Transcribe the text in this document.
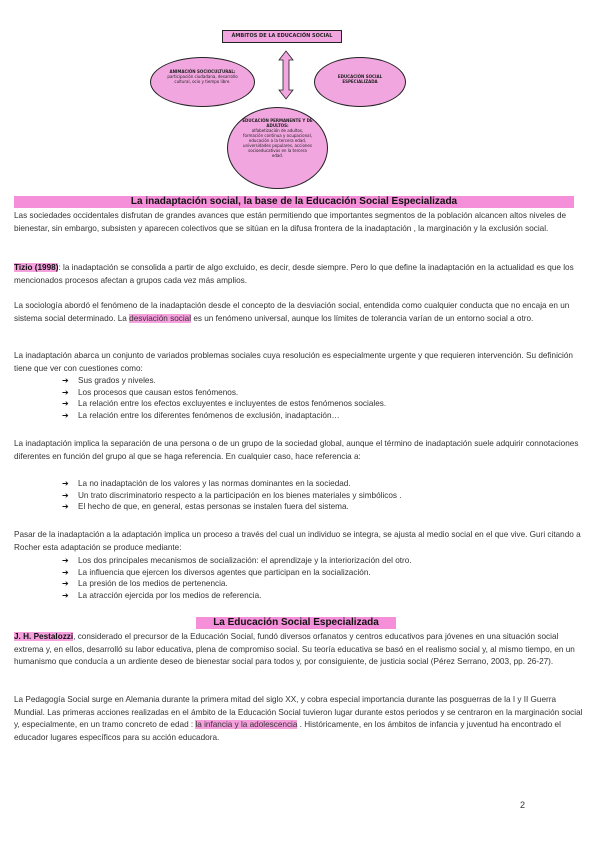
ÁMBITOS DE LA EDUCACIÓN SOCIAL
ANIMACIÓN SOCIOCULTURAL:
participación ciudadana, desarrollo cultural, ocio y tiempo libre.
EDUCACIÓN SOCIAL ESPECIALIZADA
EDUCACIÓN PERMANENTE Y DE ADULTOS:
alfabetización de adultos, formación continua y ocupacional, educación a la tercera edad, universidades populares, acciones socioeducativas en la tercera edad.
La inadaptación social, la base de la Educación Social Especializada

Las sociedades occidentales disfrutan de grandes avances que están permitiendo que importantes segmentos de la población alcancen altos niveles de bienestar, sin embargo, subsisten y aparecen colectivos que se sitúan en la difusa frontera de la inadaptación , la marginación y la exclusión social.

Tizio (1998): la inadaptación se consolida a partir de algo excluido, es decir, desde siempre. Pero lo que define la inadaptación en la actualidad es que los mencionados procesos afectan a grupos cada vez más amplios.

La sociología abordó el fenómeno de la inadaptación desde el concepto de la desviación social, entendida como cualquier conducta que no encaja en un sistema social determinado. La desviación social es un fenómeno universal, aunque los límites de tolerancia varían de un entorno social a otro.

La inadaptación abarca un conjunto de variados problemas sociales cuya resolución es especialmente urgente y que requieren intervención. Su definición tiene que ver con cuestiones como:

➔ Sus grados y niveles.
➔ Los procesos que causan estos fenómenos.
➔ La relación entre los efectos excluyentes e incluyentes de estos fenómenos sociales.
➔ La relación entre los diferentes fenómenos de exclusión, inadaptación…

La inadaptación implica la separación de una persona o de un grupo de la sociedad global, aunque el término de inadaptación suele adquirir connotaciones diferentes en función del grupo al que se haga referencia. En cualquier caso, hace referencia a:

➔ La no inadaptación de los valores y las normas dominantes en la sociedad.
➔ Un trato discriminatorio respecto a la participación en los bienes materiales y simbólicos .
➔ El hecho de que, en general, estas personas se instalen fuera del sistema.

Pasar de la inadaptación a la adaptación implica un proceso a través del cual un individuo se integra, se ajusta al medio social en el que vive. Guri citando a Rocher esta adaptación se produce mediante:

➔ Los dos principales mecanismos de socialización: el aprendizaje y la interiorización del otro.
➔ La influencia que ejercen los diversos agentes que participan en la socialización.
➔ La presión de los medios de pertenencia.
➔ La atracción ejercida por los medios de referencia.
La Educación Social Especializada

J. H. Pestalozzi, considerado el precursor de la Educación Social, fundó diversos orfanatos y centros educativos para jóvenes en una situación social extrema y, en ellos, desarrolló su labor educativa, plena de compromiso social. Su teoría educativa se basó en el realismo social y, al mismo tiempo, en un humanismo que conducía a un ardiente deseo de bienestar social para todos y, por consiguiente, de justicia social (Pérez Serrano, 2003, pp. 26-27).

La Pedagogía Social surge en Alemania durante la primera mitad del siglo XX, y cobra especial importancia durante las posguerras de la I y II Guerra Mundial. Las primeras acciones realizadas en el ámbito de la Educación Social tuvieron lugar durante estos periodos y se centraron en la marginación social y, especialmente, en un tramo concreto de edad : la infancia y la adolescencia . Históricamente, en los ámbitos de infancia y juventud ha encontrado el educador lugares específicos para su acción educadora.

2
